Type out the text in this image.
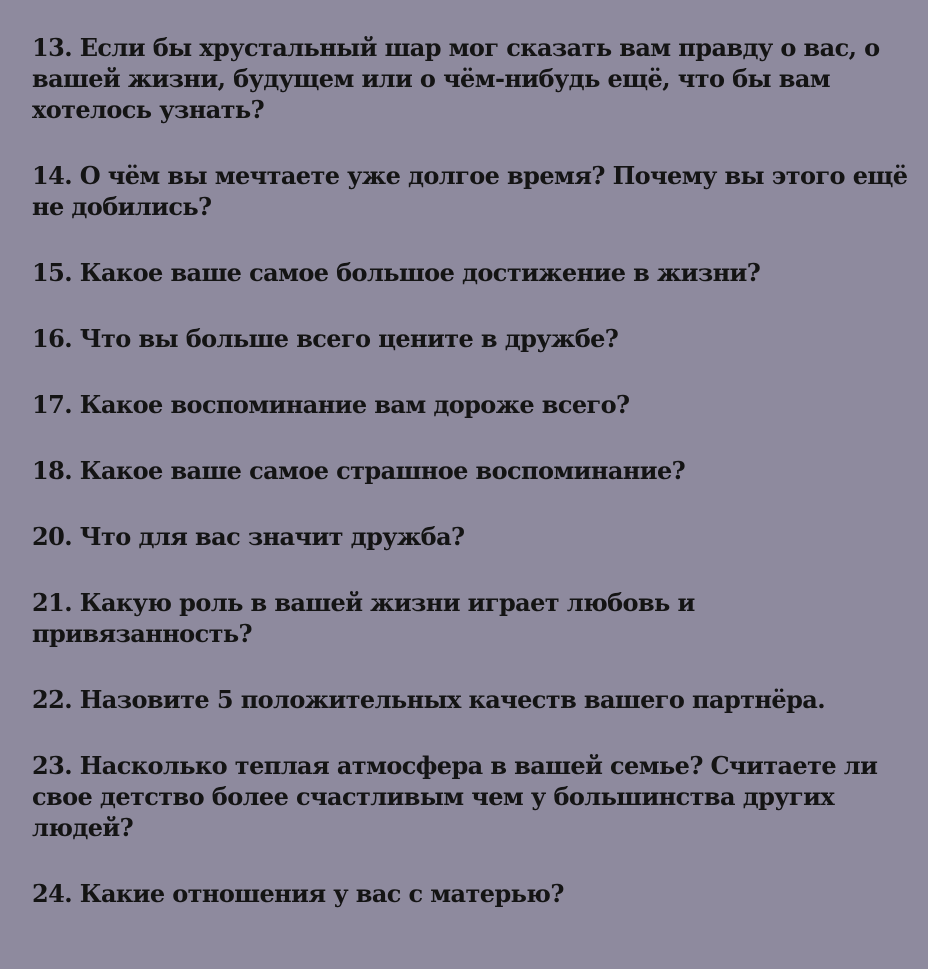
13. Если бы хрустальный шар мог сказать вам правду о вас, о
вашей жизни, будущем или о чём-нибудь ещё, что бы вам
хотелось узнать?

14. О чём вы мечтаете уже долгое время? Почему вы этого ещё
не добились?

15. Какое ваше самое большое достижение в жизни?

16. Что вы больше всего цените в дружбе?

17. Какое воспоминание вам дороже всего?

18. Какое ваше самое страшное воспоминание?

20. Что для вас значит дружба?

21. Какую роль в вашей жизни играет любовь и
привязанность?

22. Назовите 5 положительных качеств вашего партнёра.

23. Насколько теплая атмосфера в вашей семье? Считаете ли
свое детство более счастливым чем у большинства других
людей?

24. Какие отношения у вас с матерью?
